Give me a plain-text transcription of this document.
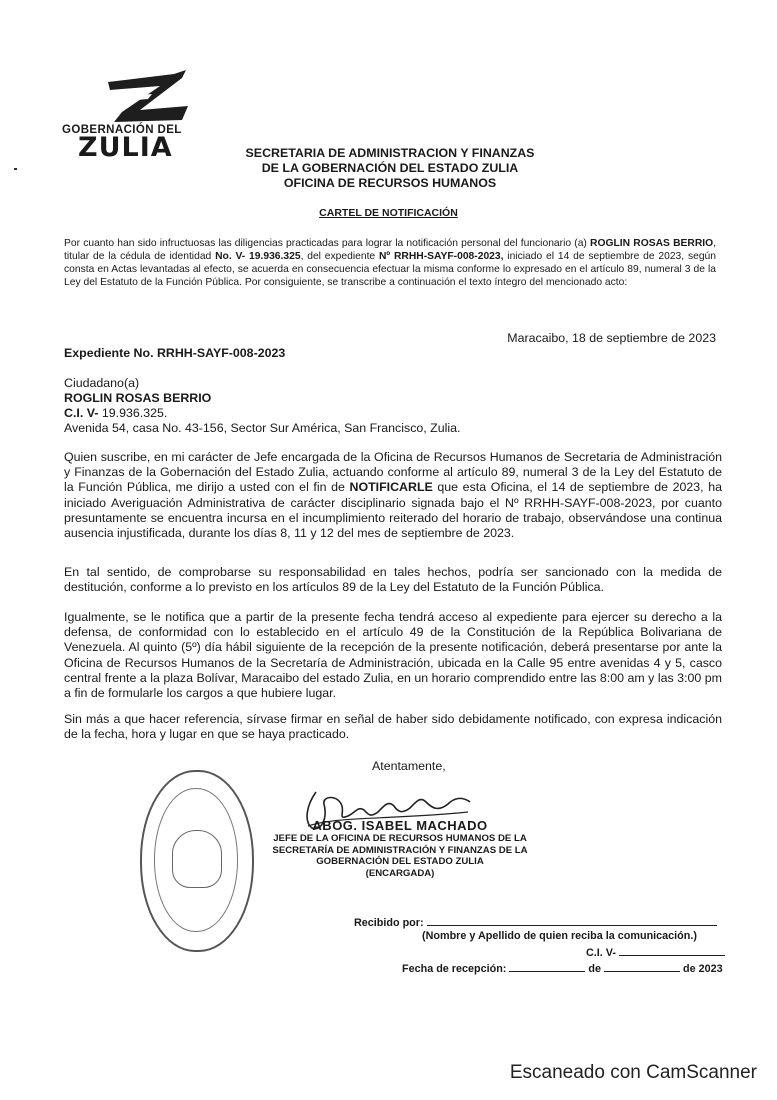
GOBERNACIÓN DEL
ZULIA	SECRETARIA DE ADMINISTRACION Y FINANZAS
DE LA GOBERNACIÓN DEL ESTADO ZULIA
OFICINA DE RECURSOS HUMANOS
CARTEL DE NOTIFICACIÓN
Por cuanto han sido infructuosas las diligencias practicadas para lograr la notificación personal del funcionario (a) ROGLIN ROSAS BERRIO, titular de la cédula de identidad No. V- 19.936.325, del expediente Nº RRHH-SAYF-008-2023, iniciado el 14 de septiembre de 2023, según consta en Actas levantadas al efecto, se acuerda en consecuencia efectuar la misma conforme lo expresado en el artículo 89, numeral 3 de la Ley del Estatuto de la Función Pública. Por consiguiente, se transcribe a continuación el texto íntegro del mencionado acto:
Maracaibo, 18 de septiembre de 2023
Expediente No. RRHH-SAYF-008-2023
Ciudadano(a)
ROGLIN ROSAS BERRIO
C.I. V- 19.936.325.
Avenida 54, casa No. 43-156, Sector Sur América, San Francisco, Zulia.
Quien suscribe, en mi carácter de Jefe encargada de la Oficina de Recursos Humanos de Secretaria de Administración y Finanzas de la Gobernación del Estado Zulia, actuando conforme al artículo 89, numeral 3 de la Ley del Estatuto de la Función Pública, me dirijo a usted con el fin de NOTIFICARLE que esta Oficina, el 14 de septiembre de 2023, ha iniciado Averiguación Administrativa de carácter disciplinario signada bajo el Nº RRHH-SAYF-008-2023, por cuanto presuntamente se encuentra incursa en el incumplimiento reiterado del horario de trabajo, observándose una continua ausencia injustificada, durante los días 8, 11 y 12 del mes de septiembre de 2023.
En tal sentido, de comprobarse su responsabilidad en tales hechos, podría ser sancionado con la medida de destitución, conforme a lo previsto en los artículos 89 de la Ley del Estatuto de la Función Pública.
Igualmente, se le notifica que a partir de la presente fecha tendrá acceso al expediente para ejercer su derecho a la defensa, de conformidad con lo establecido en el artículo 49 de la Constitución de la República Bolivariana de Venezuela. Al quinto (5º) día hábil siguiente de la recepción de la presente notificación, deberá presentarse por ante la Oficina de Recursos Humanos de la Secretaría de Administración, ubicada en la Calle 95 entre avenidas 4 y 5, casco central frente a la plaza Bolívar, Maracaibo del estado Zulia, en un horario comprendido entre las 8:00 am y las 3:00 pm a fin de formularle los cargos a que hubiere lugar.
Sin más a que hacer referencia, sírvase firmar en señal de haber sido debidamente notificado, con expresa indicación de la fecha, hora y lugar en que se haya practicado.
Atentamente,
ABOG. ISABEL MACHADO
JEFE DE LA OFICINA DE RECURSOS HUMANOS DE LA
SECRETARÍA DE ADMINISTRACIÓN Y FINANZAS DE LA
GOBERNACIÓN DEL ESTADO ZULIA
(ENCARGADA)
Recibido por:
(Nombre y Apellido de quien reciba la comunicación.)
C.I. V-
Fecha de recepción:	de	de 2023
Escaneado con CamScanner
